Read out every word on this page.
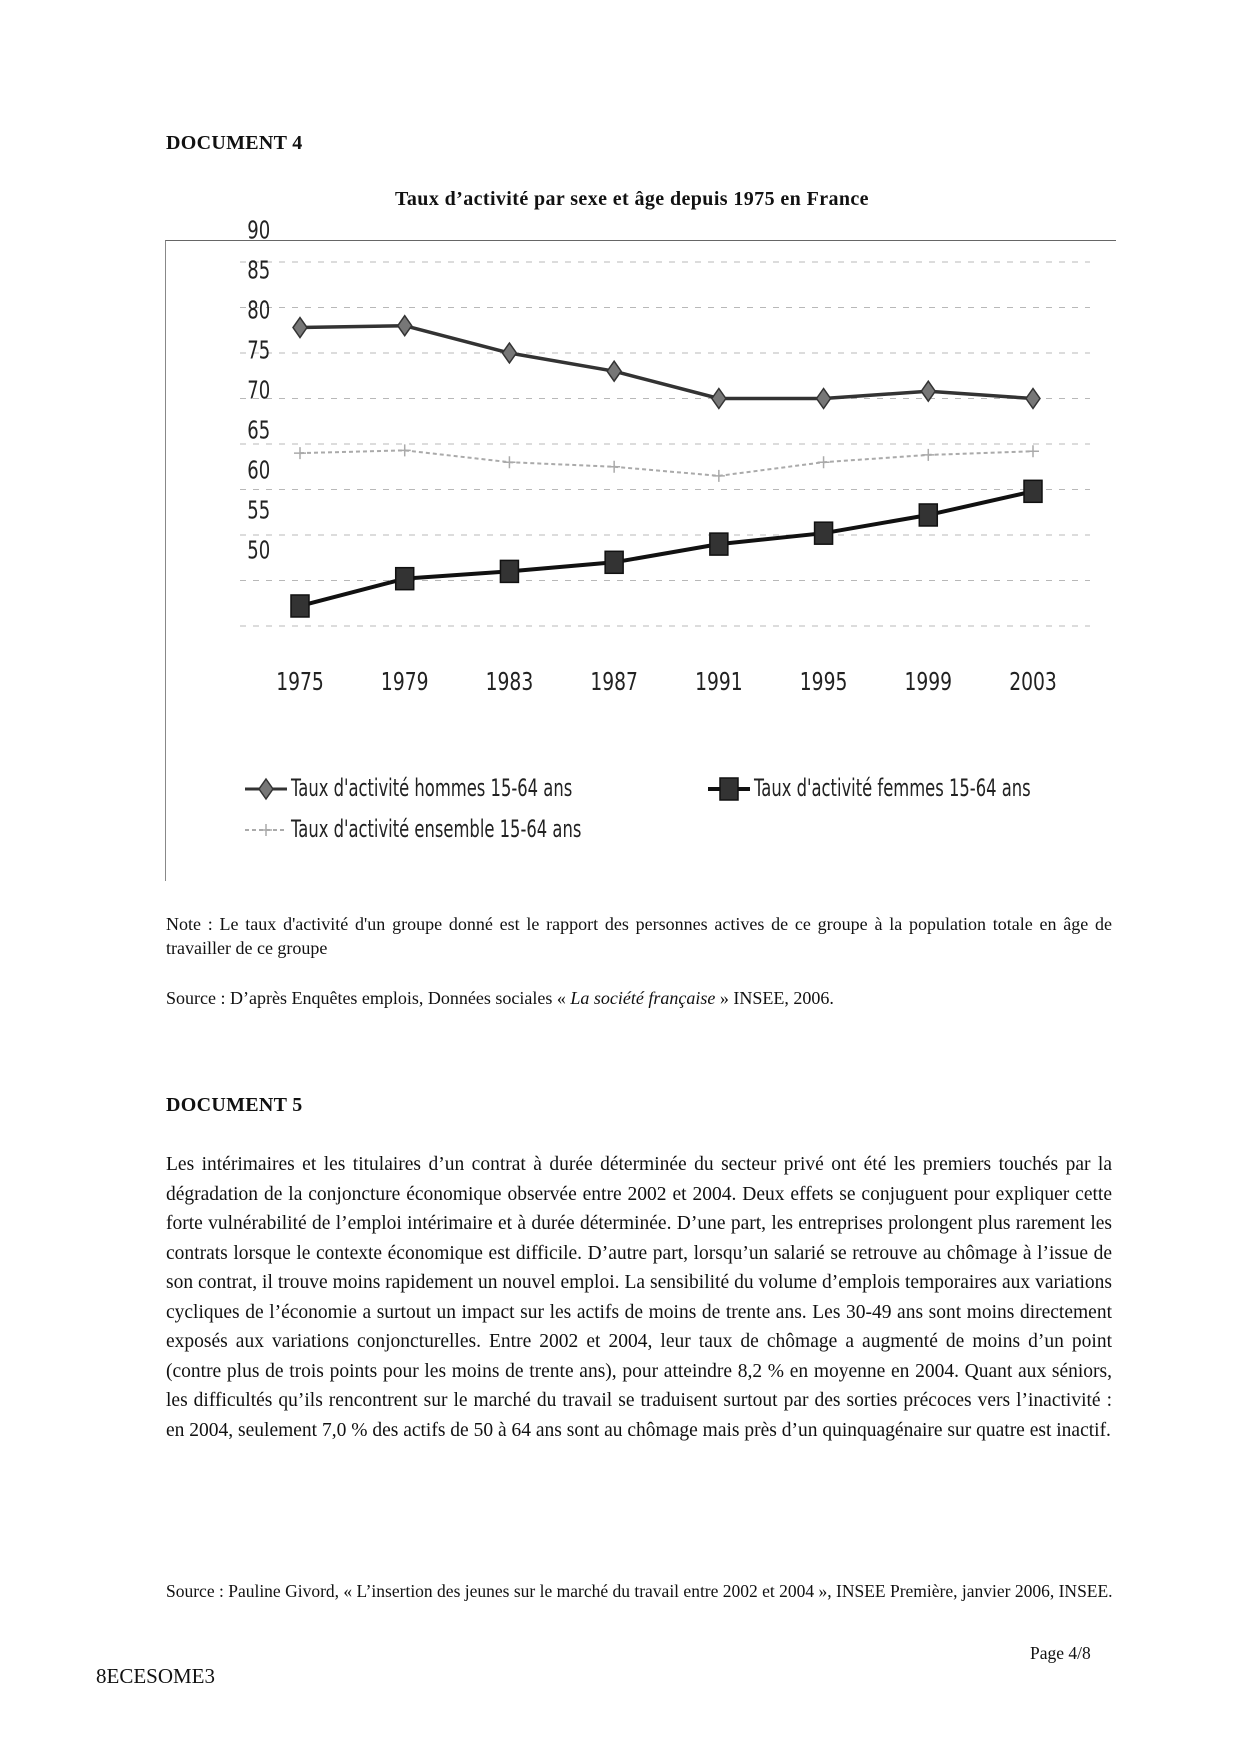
DOCUMENT 4
Taux d’activité par sexe et âge depuis 1975 en France
50
55
60
65
70
75
80
85
90
1975	1979	1983	1987	1991	1995	1999	2003
Taux d'activité hommes 15-64 ans	Taux d'activité femmes 15-64 ans
Taux d'activité ensemble 15-64 ans
Note : Le taux d'activité d'un groupe donné est le rapport des personnes actives de ce groupe à la population totale en âge de travailler de ce groupe
Source : D’après Enquêtes emplois, Données sociales « La société française » INSEE, 2006.
DOCUMENT 5
Les intérimaires et les titulaires d’un contrat à durée déterminée du secteur privé ont été les premiers touchés par la dégradation de la conjoncture économique observée entre 2002 et 2004. Deux effets se conjuguent pour expliquer cette forte vulnérabilité de l’emploi intérimaire et à durée déterminée. D’une part, les entreprises prolongent plus rarement les contrats lorsque le contexte économique est difficile. D’autre part, lorsqu’un salarié se retrouve au chômage à l’issue de son contrat, il trouve moins rapidement un nouvel emploi. La sensibilité du volume d’emplois temporaires aux variations cycliques de l’économie a surtout un impact sur les actifs de moins de trente ans. Les 30-49 ans sont moins directement exposés aux variations conjoncturelles. Entre 2002 et 2004, leur taux de chômage a augmenté de moins d’un point (contre plus de trois points pour les moins de trente ans), pour atteindre 8,2 % en moyenne en 2004. Quant aux séniors, les difficultés qu’ils rencontrent sur le marché du travail se traduisent surtout par des sorties précoces vers l’inactivité : en 2004, seulement 7,0 % des actifs de 50 à 64 ans sont au chômage mais près d’un quinquagénaire sur quatre est inactif.
Source : Pauline Givord, « L’insertion des jeunes sur le marché du travail entre 2002 et 2004 », INSEE Première, janvier 2006, INSEE.
Page 4/8
8ECESOME3
